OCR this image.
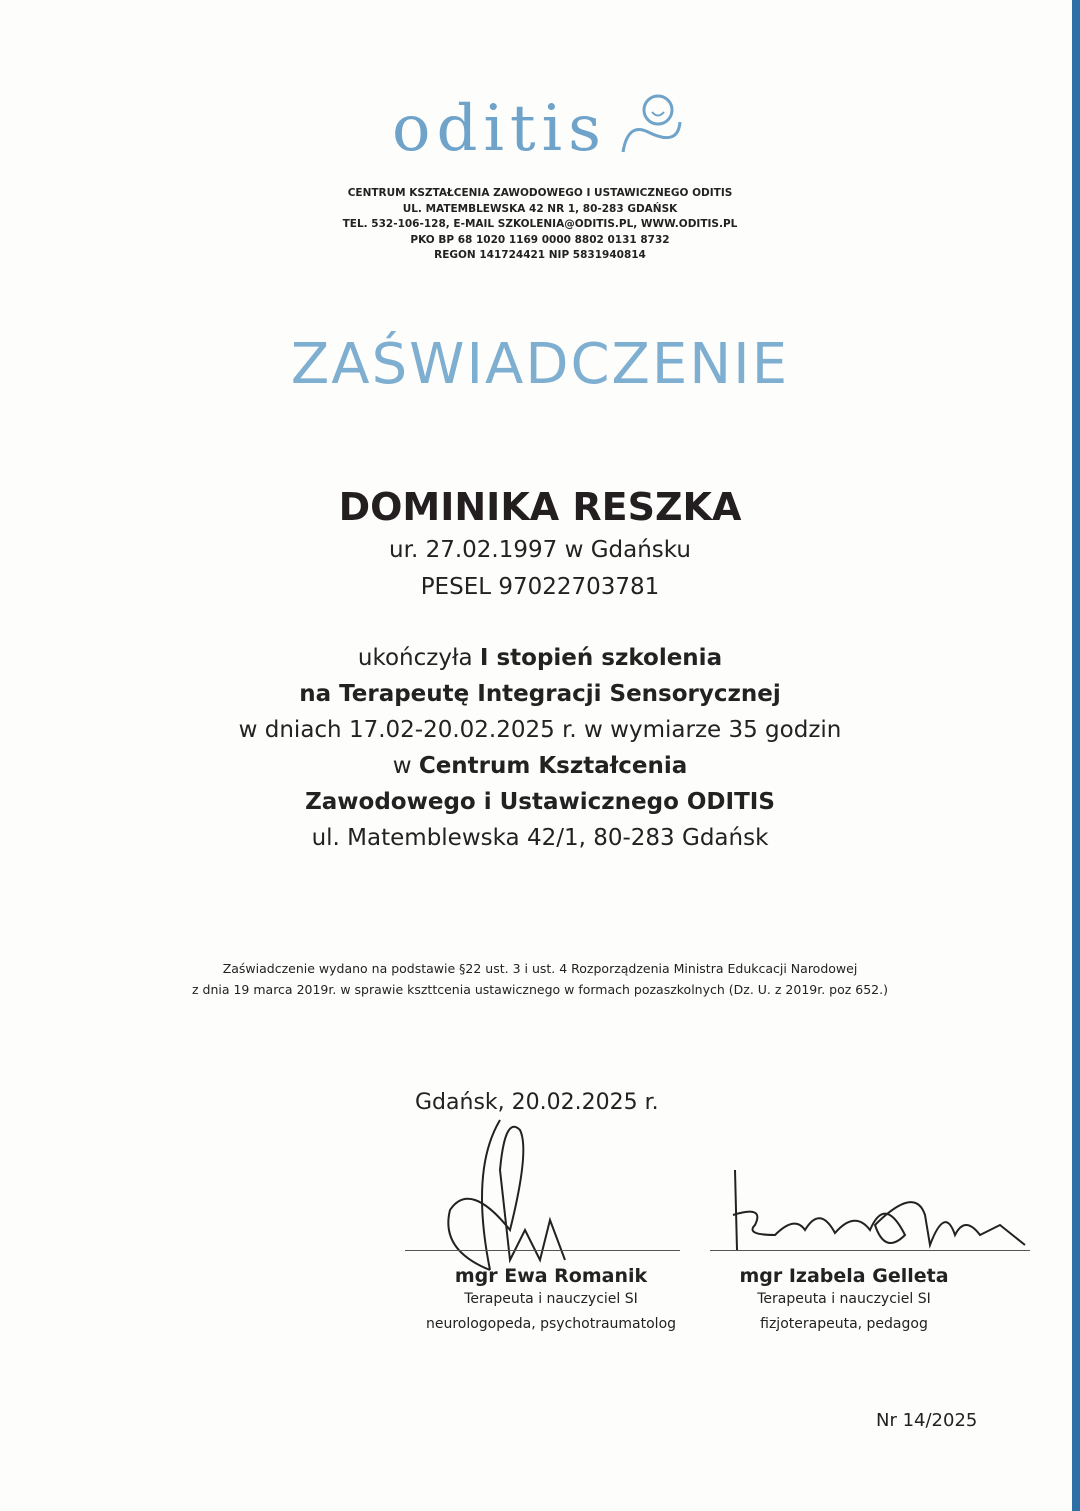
oditis
CENTRUM KSZTAŁCENIA ZAWODOWEGO I USTAWICZNEGO ODITIS
UL. MATEMBLEWSKA 42 NR 1, 80-283 GDAŃSK
TEL. 532-106-128, E-MAIL SZKOLENIA@ODITIS.PL, WWW.ODITIS.PL
PKO BP 68 1020 1169 0000 8802 0131 8732
REGON 141724421 NIP 5831940814
ZAŚWIADCZENIE
DOMINIKA RESZKA
ur. 27.02.1997 w Gdańsku
PESEL 97022703781
ukończyła I stopień szkolenia
na Terapeutę Integracji Sensorycznej
w dniach 17.02-20.02.2025 r. w wymiarze 35 godzin
w Centrum Kształcenia
Zawodowego i Ustawicznego ODITIS
ul. Matemblewska 42/1, 80-283 Gdańsk
Zaświadczenie wydano na podstawie §22 ust. 3 i ust. 4 Rozporządzenia Ministra Edukcacji Narodowej
z dnia 19 marca 2019r. w sprawie kszttcenia ustawicznego w formach pozaszkolnych (Dz. U. z 2019r. poz 652.)
Gdańsk, 20.02.2025 r.
mgr Ewa Romanik
Terapeuta i nauczyciel SI
neurologopeda, psychotraumatolog
mgr Izabela Gelleta
Terapeuta i nauczyciel SI
fizjoterapeuta, pedagog
Nr 14/2025
